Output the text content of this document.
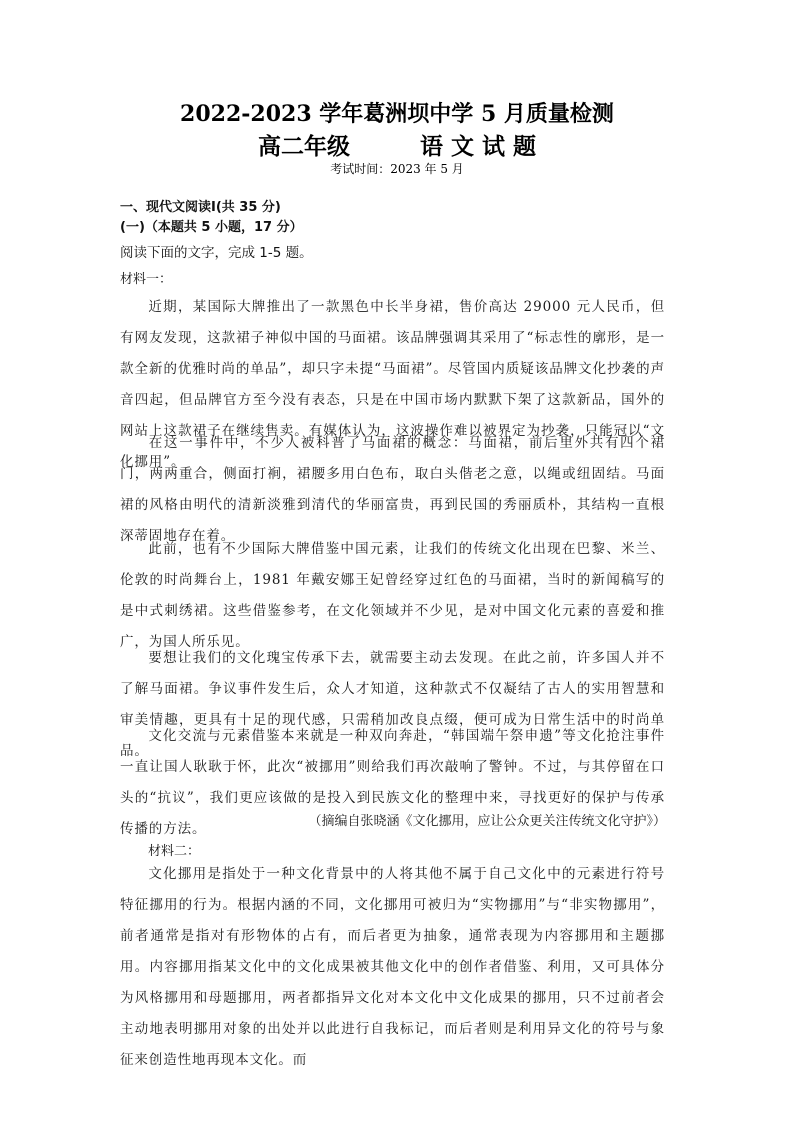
2022-2023 学年葛洲坝中学 5 月质量检测
高二年级	语 文 试 题
考试时间：2023 年 5 月
一、现代文阅读Ⅰ(共 35 分)
(一)（本题共 5 小题，17 分）
阅读下面的文字，完成 1-5 题。
材料一：
近期，某国际大牌推出了一款黑色中长半身裙，售价高达 29000 元人民币，但有网友发现，这款裙子神似中国的马面裙。该品牌强调其采用了“标志性的廓形，是一款全新的优雅时尚的单品”，却只字未提“马面裙”。尽管国内质疑该品牌文化抄袭的声音四起，但品牌官方至今没有表态，只是在中国市场内默默下架了这款新品，国外的网站上这款裙子在继续售卖。有媒体认为，这波操作难以被界定为抄袭，只能冠以“文化挪用”。
在这一事件中，不少人被科普了马面裙的概念：马面裙，前后里外共有四个裙门，两两重合，侧面打裥，裙腰多用白色布，取白头偕老之意，以绳或纽固结。马面裙的风格由明代的清新淡雅到清代的华丽富贵，再到民国的秀丽质朴，其结构一直根深蒂固地存在着。
此前，也有不少国际大牌借鉴中国元素，让我们的传统文化出现在巴黎、米兰、伦敦的时尚舞台上，1981 年戴安娜王妃曾经穿过红色的马面裙，当时的新闻稿写的是中式刺绣裙。这些借鉴参考，在文化领域并不少见，是对中国文化元素的喜爱和推广，为国人所乐见。
要想让我们的文化瑰宝传承下去，就需要主动去发现。在此之前，许多国人并不了解马面裙。争议事件发生后，众人才知道，这种款式不仅凝结了古人的实用智慧和审美情趣，更具有十足的现代感，只需稍加改良点缀，便可成为日常生活中的时尚单品。
文化交流与元素借鉴本来就是一种双向奔赴，“韩国端午祭申遗”等文化抢注事件一直让国人耿耿于怀，此次“被挪用”则给我们再次敲响了警钟。不过，与其停留在口头的“抗议”，我们更应该做的是投入到民族文化的整理中来，寻找更好的保护与传承传播的方法。	（摘编自张晓涵《文化挪用，应让公众更关注传统文化守护》）
材料二：
文化挪用是指处于一种文化背景中的人将其他不属于自己文化中的元素进行符号特征挪用的行为。根据内涵的不同，文化挪用可被归为“实物挪用”与“非实物挪用”，前者通常是指对有形物体的占有，而后者更为抽象，通常表现为内容挪用和主题挪用。内容挪用指某文化中的文化成果被其他文化中的创作者借鉴、利用，又可具体分为风格挪用和母题挪用，两者都指异文化对本文化中文化成果的挪用，只不过前者会主动地表明挪用对象的出处并以此进行自我标记，而后者则是利用异文化的符号与象征来创造性地再现本文化。而
